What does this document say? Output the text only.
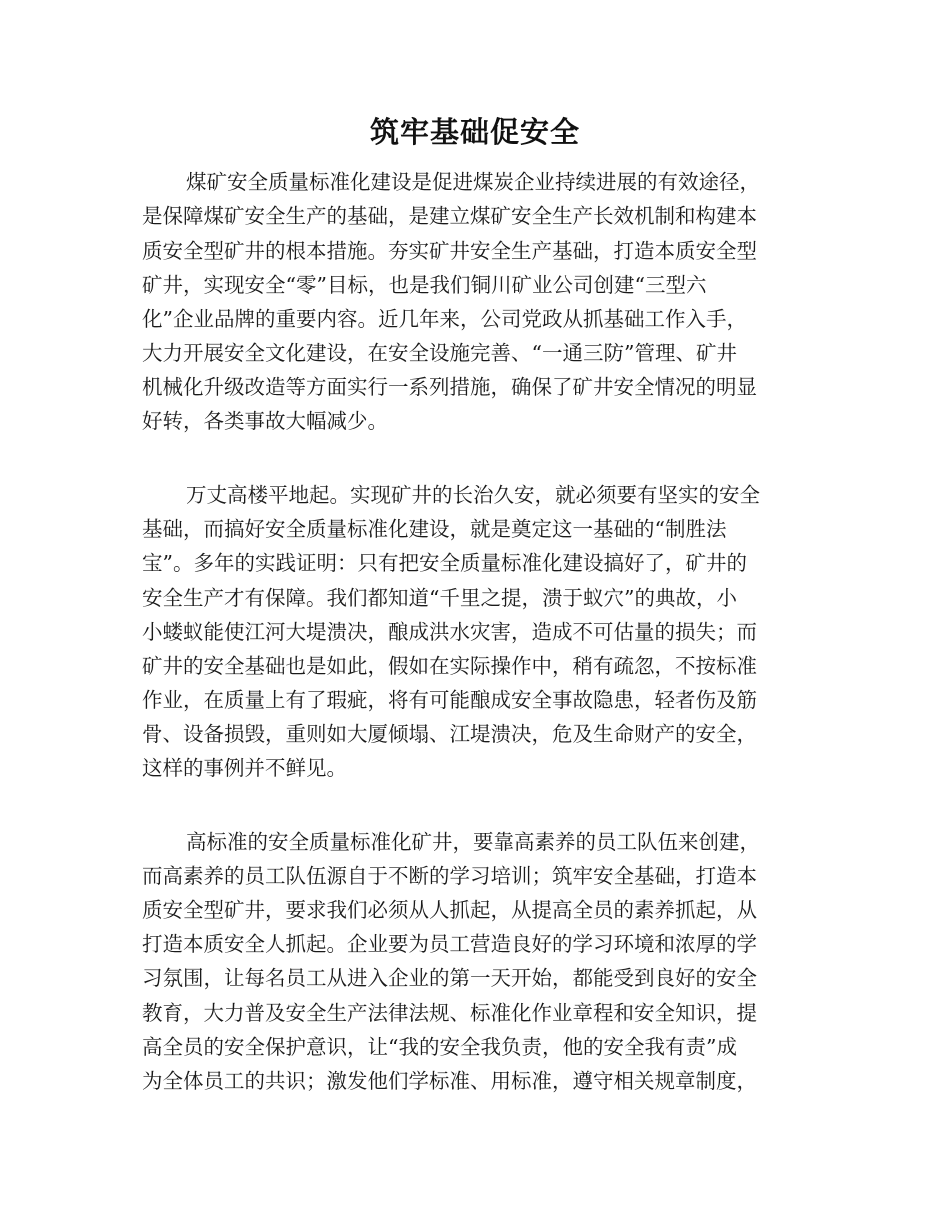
筑牢基础促安全
煤矿安全质量标准化建设是促进煤炭企业持续进展的有效途径，
是保障煤矿安全生产的基础，是建立煤矿安全生产长效机制和构建本
质安全型矿井的根本措施。夯实矿井安全生产基础，打造本质安全型
矿井，实现安全“零”目标，也是我们铜川矿业公司创建“三型六
化”企业品牌的重要内容。近几年来，公司党政从抓基础工作入手，
大力开展安全文化建设，在安全设施完善、“一通三防”管理、矿井
机械化升级改造等方面实行一系列措施，确保了矿井安全情况的明显
好转，各类事故大幅减少。
万丈高楼平地起。实现矿井的长治久安，就必须要有坚实的安全
基础，而搞好安全质量标准化建设，就是奠定这一基础的“制胜法
宝”。多年的实践证明：只有把安全质量标准化建设搞好了，矿井的
安全生产才有保障。我们都知道“千里之提，溃于蚁穴”的典故，小
小蝼蚁能使江河大堤溃决，酿成洪水灾害，造成不可估量的损失；而
矿井的安全基础也是如此，假如在实际操作中，稍有疏忽，不按标准
作业，在质量上有了瑕疵，将有可能酿成安全事故隐患，轻者伤及筋
骨、设备损毁，重则如大厦倾塌、江堤溃决，危及生命财产的安全，
这样的事例并不鲜见。
高标准的安全质量标准化矿井，要靠高素养的员工队伍来创建，
而高素养的员工队伍源自于不断的学习培训；筑牢安全基础，打造本
质安全型矿井，要求我们必须从人抓起，从提高全员的素养抓起，从
打造本质安全人抓起。企业要为员工营造良好的学习环境和浓厚的学
习氛围，让每名员工从进入企业的第一天开始，都能受到良好的安全
教育，大力普及安全生产法律法规、标准化作业章程和安全知识，提
高全员的安全保护意识，让“我的安全我负责，他的安全我有责”成
为全体员工的共识；激发他们学标准、用标准，遵守相关规章制度，
